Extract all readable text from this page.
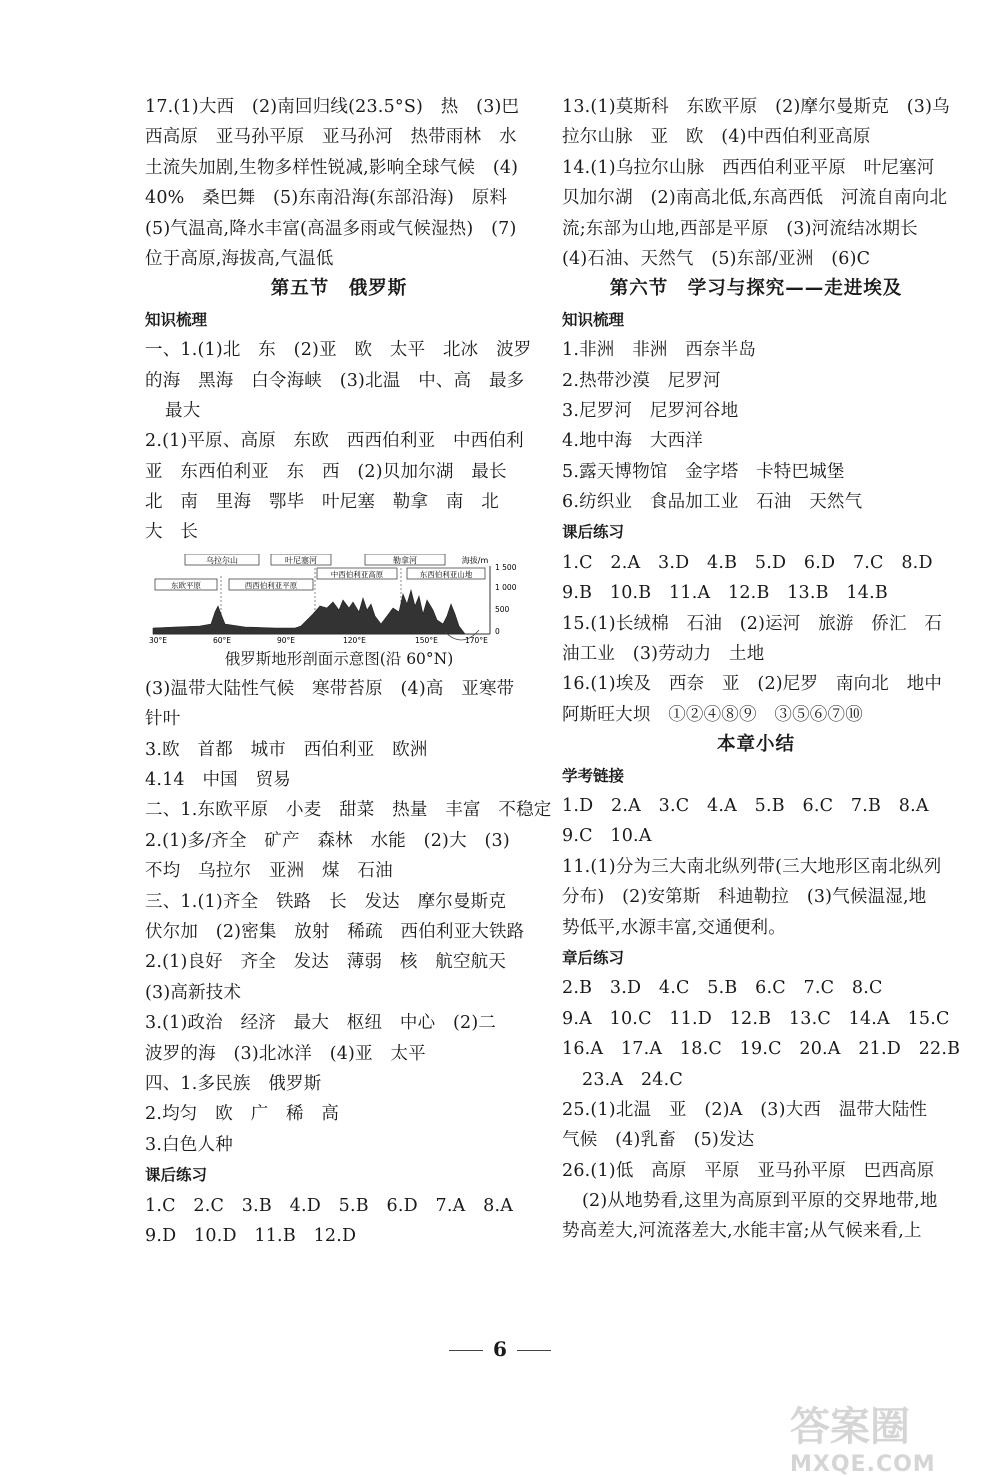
17.(1)大西　(2)南回归线(23.5°S)　热　(3)巴
西高原　亚马孙平原　亚马孙河　热带雨林　水
土流失加剧,生物多样性锐减,影响全球气候　(4)
40%　桑巴舞　(5)东南沿海(东部沿海)　原料
(5)气温高,降水丰富(高温多雨或气候湿热)　(7)
位于高原,海拔高,气温低
第五节　俄罗斯
知识梳理
一、1.(1)北　东　(2)亚　欧　太平　北冰　波罗
的海　黑海　白令海峡　(3)北温　中、高　最多
最大
2.(1)平原、高原　东欧　西西伯利亚　中西伯利
亚　东西伯利亚　东　西　(2)贝加尔湖　最长
北　南　里海　鄂毕　叶尼塞　勒拿　南　北
大　长
乌拉尔山	叶尼塞河	勒拿河	海拔/m
东欧平原	西西伯利亚平原
中西伯利亚高原	东西伯利亚山地
1 500
1 000
500
0
30°E	60°E	90°E	120°E	150°E	170°E
俄罗斯地形剖面示意图(沿 60°N)
(3)温带大陆性气候　寒带苔原　(4)高　亚寒带
针叶
3.欧　首都　城市　西伯利亚　欧洲
4.14　中国　贸易
二、1.东欧平原　小麦　甜菜　热量　丰富　不稳定
2.(1)多/齐全　矿产　森林　水能　(2)大　(3)
不均　乌拉尔　亚洲　煤　石油
三、1.(1)齐全　铁路　长　发达　摩尔曼斯克
伏尔加　(2)密集　放射　稀疏　西伯利亚大铁路
2.(1)良好　齐全　发达　薄弱　核　航空航天
(3)高新技术
3.(1)政治　经济　最大　枢纽　中心　(2)二
波罗的海　(3)北冰洋　(4)亚　太平
四、1.多民族　俄罗斯
2.均匀　欧　广　稀　高
3.白色人种
课后练习
1.C　2.C　3.B　4.D　5.B　6.D　7.A　8.A
9.D　10.D　11.B　12.D
13.(1)莫斯科　东欧平原　(2)摩尔曼斯克　(3)乌
拉尔山脉　亚　欧　(4)中西伯利亚高原
14.(1)乌拉尔山脉　西西伯利亚平原　叶尼塞河
贝加尔湖　(2)南高北低,东高西低　河流自南向北
流;东部为山地,西部是平原　(3)河流结冰期长
(4)石油、天然气　(5)东部/亚洲　(6)C
第六节　学习与探究——走进埃及
知识梳理
1.非洲　非洲　西奈半岛
2.热带沙漠　尼罗河
3.尼罗河　尼罗河谷地
4.地中海　大西洋
5.露天博物馆　金字塔　卡特巴城堡
6.纺织业　食品加工业　石油　天然气
课后练习
1.C　2.A　3.D　4.B　5.D　6.D　7.C　8.D
9.B　10.B　11.A　12.B　13.B　14.B
15.(1)长绒棉　石油　(2)运河　旅游　侨汇　石
油工业　(3)劳动力　土地
16.(1)埃及　西奈　亚　(2)尼罗　南向北　地中
阿斯旺大坝　①②④⑧⑨　③⑤⑥⑦⑩
本章小结
学考链接
1.D　2.A　3.C　4.A　5.B　6.C　7.B　8.A
9.C　10.A
11.(1)分为三大南北纵列带(三大地形区南北纵列
分布)　(2)安第斯　科迪勒拉　(3)气候温湿,地
势低平,水源丰富,交通便利。
章后练习
2.B　3.D　4.C　5.B　6.C　7.C　8.C
9.A　10.C　11.D　12.B　13.C　14.A　15.C
16.A　17.A　18.C　19.C　20.A　21.D　22.B
23.A　24.C
25.(1)北温　亚　(2)A　(3)大西　温带大陆性
气候　(4)乳畜　(5)发达
26.(1)低　高原　平原　亚马孙平原　巴西高原
(2)从地势看,这里为高原到平原的交界地带,地
势高差大,河流落差大,水能丰富;从气候来看,上
6
答案圈
MXQE.COM
